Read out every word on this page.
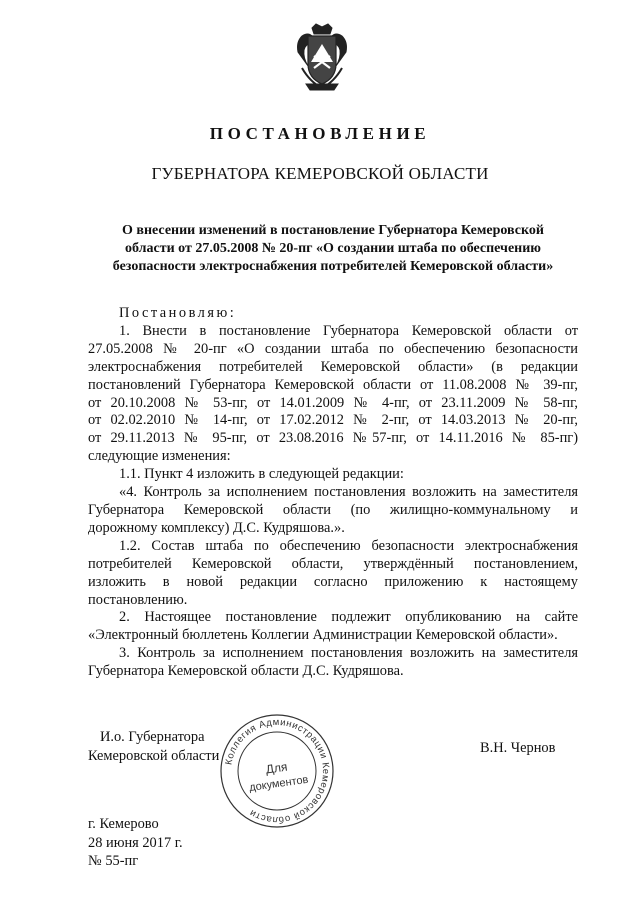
ПОСТАНОВЛЕНИЕ
ГУБЕРНАТОРА КЕМЕРОВСКОЙ ОБЛАСТИ
О внесении изменений в постановление Губернатора Кемеровской
области от 27.05.2008 № 20-пг «О создании штаба по обеспечению
безопасности электроснабжения потребителей Кемеровской области»

Постановляю:

1. Внести в постановление Губернатора Кемеровской области от

27.05.2008 № 20-пг «О создании штаба по обеспечению безопасности

электроснабжения потребителей Кемеровской области» (в редакции

постановлений Губернатора Кемеровской области от 11.08.2008 № 39-пг,

от 20.10.2008 № 53-пг, от 14.01.2009 № 4-пг, от 23.11.2009 № 58-пг,

от 02.02.2010 № 14-пг, от 17.02.2012 № 2-пг, от 14.03.2013 № 20-пг,

от 29.11.2013 № 95-пг, от 23.08.2016 №57-пг, от 14.11.2016 № 85-пг)

следующие изменения:

1.1. Пункт 4 изложить в следующей редакции:

«4. Контроль за исполнением постановления возложить на заместителя

Губернатора Кемеровской области (по жилищно-коммунальному и

дорожному комплексу) Д.С. Кудряшова.».

1.2. Состав штаба по обеспечению безопасности электроснабжения

потребителей Кемеровской области, утверждённый постановлением,

изложить в новой редакции согласно приложению к настоящему

постановлению.

2. Настоящее постановление подлежит опубликованию на сайте

«Электронный бюллетень Коллегии Администрации Кемеровской области».

3. Контроль за исполнением постановления возложить на заместителя

Губернатора Кемеровской области Д.С. Кудряшова.

И.о. Губернатора
Кемеровской области Коллегия Администрации Кемеровской области
Для
документов
В.Н. Чернов
г. Кемерово
28 июня 2017 г.
№ 55-пг
